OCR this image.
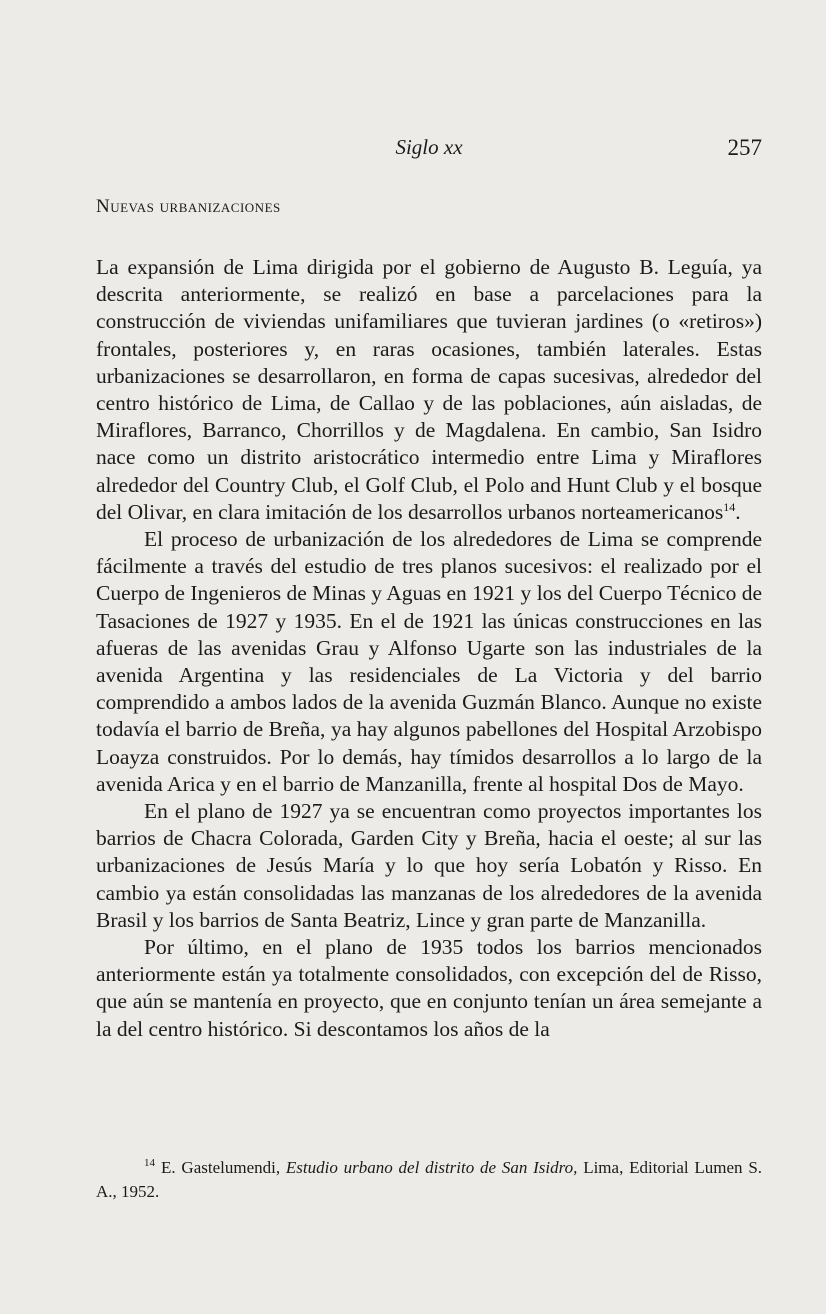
Siglo xx	257
Nuevas urbanizaciones

La expansión de Lima dirigida por el gobierno de Augusto B. Leguía, ya descrita anteriormente, se realizó en base a parcelaciones para la construcción de viviendas unifamiliares que tuvieran jardines (o «retiros») frontales, posteriores y, en raras ocasiones, también laterales. Estas urbanizaciones se desarrollaron, en forma de capas sucesivas, alrededor del centro histórico de Lima, de Callao y de las poblaciones, aún aisladas, de Miraflores, Barranco, Chorrillos y de Magdalena. En cambio, San Isidro nace como un distrito aristocrático intermedio entre Lima y Miraflores alrededor del Country Club, el Golf Club, el Polo and Hunt Club y el bosque del Olivar, en clara imitación de los desarrollos urbanos norteamericanos$^{14}$.

El proceso de urbanización de los alrededores de Lima se comprende fácilmente a través del estudio de tres planos sucesivos: el realizado por el Cuerpo de Ingenieros de Minas y Aguas en 1921 y los del Cuerpo Técnico de Tasaciones de 1927 y 1935. En el de 1921 las únicas construcciones en las afueras de las avenidas Grau y Alfonso Ugarte son las industriales de la avenida Argentina y las residenciales de La Victoria y del barrio comprendido a ambos lados de la avenida Guzmán Blanco. Aunque no existe todavía el barrio de Breña, ya hay algunos pabellones del Hospital Arzobispo Loayza construidos. Por lo demás, hay tímidos desarrollos a lo largo de la avenida Arica y en el barrio de Manzanilla, frente al hospital Dos de Mayo.

En el plano de 1927 ya se encuentran como proyectos importantes los barrios de Chacra Colorada, Garden City y Breña, hacia el oeste; al sur las urbanizaciones de Jesús María y lo que hoy sería Lobatón y Risso. En cambio ya están consolidadas las manzanas de los alrededores de la avenida Brasil y los barrios de Santa Beatriz, Lince y gran parte de Manzanilla.

Por último, en el plano de 1935 todos los barrios mencionados anteriormente están ya totalmente consolidados, con excepción del de Risso, que aún se mantenía en proyecto, que en conjunto tenían un área semejante a la del centro histórico. Si descontamos los años de la

$^{14}$ E. Gastelumendi, Estudio urbano del distrito de San Isidro, Lima, Editorial Lumen S. A., 1952.
